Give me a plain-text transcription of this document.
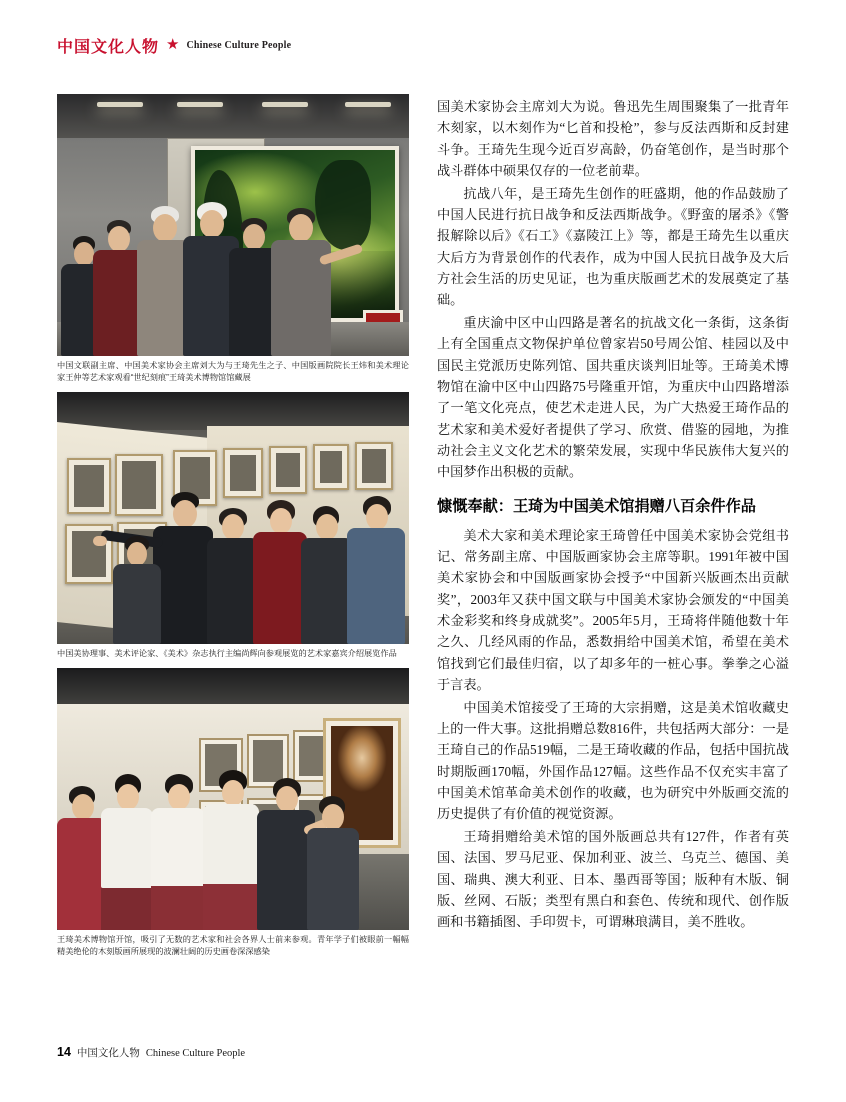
中国文化人物 ★ Chinese Culture People
中国文联副主席、中国美术家协会主席刘大为与王琦先生之子、中国版画院院长王炜和美术理论家王仲等艺术家观看“世纪刻痕”王琦美术博物馆馆藏展
中国美协理事、美术评论家、《美术》杂志执行主编尚辉向参观展览的艺术家嘉宾介绍展览作品
王琦美术博物馆开馆，吸引了无数的艺术家和社会各界人士前来参观。青年学子们被眼前一幅幅精美绝伦的木刻版画所展现的波澜壮阔的历史画卷深深感染

国美术家协会主席刘大为说。鲁迅先生周围聚集了一批青年木刻家，以木刻作为“匕首和投枪”，参与反法西斯和反封建斗争。王琦先生现今近百岁高龄，仍奋笔创作，是当时那个战斗群体中硕果仅存的一位老前辈。

抗战八年，是王琦先生创作的旺盛期，他的作品鼓励了中国人民进行抗日战争和反法西斯战争。《野蛮的屠杀》《警报解除以后》《石工》《嘉陵江上》等，都是王琦先生以重庆大后方为背景创作的代表作，成为中国人民抗日战争及大后方社会生活的历史见证，也为重庆版画艺术的发展奠定了基础。

重庆渝中区中山四路是著名的抗战文化一条街，这条街上有全国重点文物保护单位曾家岩50号周公馆、桂园以及中国民主党派历史陈列馆、国共重庆谈判旧址等。王琦美术博物馆在渝中区中山四路75号隆重开馆，为重庆中山四路增添了一笔文化亮点，使艺术走进人民，为广大热爱王琦作品的艺术家和美术爱好者提供了学习、欣赏、借鉴的园地，为推动社会主义文化艺术的繁荣发展，实现中华民族伟大复兴的中国梦作出积极的贡献。

慷慨奉献：王琦为中国美术馆捐赠八百余件作品

美术大家和美术理论家王琦曾任中国美术家协会党组书记、常务副主席、中国版画家协会主席等职。1991年被中国美术家协会和中国版画家协会授予“中国新兴版画杰出贡献奖”，2003年又获中国文联与中国美术家协会颁发的“中国美术金彩奖和终身成就奖”。2005年5月，王琦将伴随他数十年之久、几经风雨的作品，悉数捐给中国美术馆，希望在美术馆找到它们最佳归宿，以了却多年的一桩心事。拳拳之心溢于言表。

中国美术馆接受了王琦的大宗捐赠，这是美术馆收藏史上的一件大事。这批捐赠总数816件，共包括两大部分：一是王琦自己的作品519幅，二是王琦收藏的作品，包括中国抗战时期版画170幅，外国作品127幅。这些作品不仅充实丰富了中国美术馆革命美术创作的收藏，也为研究中外版画交流的历史提供了有价值的视觉资源。

王琦捐赠给美术馆的国外版画总共有127件，作者有英国、法国、罗马尼亚、保加利亚、波兰、乌克兰、德国、美国、瑞典、澳大利亚、日本、墨西哥等国；版种有木版、铜版、丝网、石版；类型有黑白和套色、传统和现代、创作版画和书籍插图、手印贺卡，可谓琳琅满目，美不胜收。

14 中国文化人物 Chinese Culture People
